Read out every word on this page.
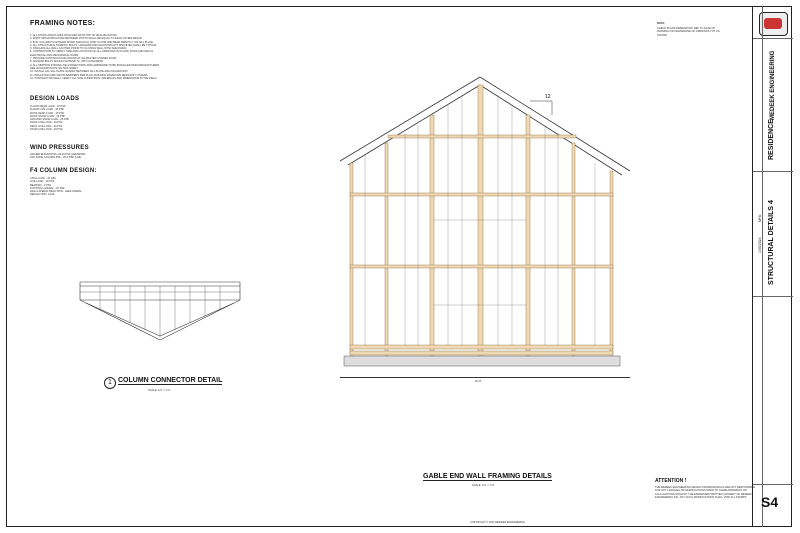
FRAMING NOTES:
1. ALL STUDS AND PLATES ATTACHED WITH TOP OF WALL BLOCKING
2. FIRST OBTAIN BLOCKING BETWEEN POSTS SHALL BE EQUAL TO EACH OTHER ABOVE
3. FOIL COLUMN TO EXTEND DOWN THROUGH JOIST FLOOR AND BEAR DIRECTLY ON SILL PLATE
4. ALL STRUCTURAL SCREWS, BOLTS, HANGERS AND HOLDOWN NOT SPECIFIED SHALL BE TYPICAL
5. INSULATE ALL WALL CAVITIES PRIOR TO CLOSING WALL WITH SHEATHING
6. CONTRACTOR TO VERIFY SIZE AND LOCATION OF ALL OPENINGS IN FLOOR, ROOF AND WALLS
ELECTRICAL AND MECHANICAL WORK
7. PROVIDE CONTINUOUS BLOCKING AT ALL BOLTED CONNECTIONS
8. ANCHOR BOLTS SHOULD EXTEND 7in. INTO CONCRETE
9. ALL SIMPSON STRONG-TIE CONNECTORS AND HARDWARE TO BE INSTALLED PER MANUFACTURER
SEE HOLDOWN NOTE ON THIS SHEET
10. INSTALL ALL SILL PLATE GASKET BETWEEN SILL PLATE AND FOUNDATION
11. INSULATION AND VAPOR BARRIERS PER PLAN, BUILDING ENVELOPE DESIGN BY OTHERS
12. CONTRACTOR SHALL VERIFY ALL SITE CONDITIONS, MATERIALS AND DIMENSIONS IN THE FIELD
DESIGN LOADS
FLOOR DEAD LOAD - 15 PSF
FLOOR LIVE LOAD - 40 PSF
ROOF DEAD LOAD - 15 PSF
ROOF SNOW LOAD - 25 PSF
GROUND SNOW LOAD - 25 PSF
ROOF LIVE LOAD - 20 PSF
DECK LIVE LOAD - 40 PSF
STAIR LIVE LOAD - 40 PSF
WIND PRESSURES
HIGHER ELEVATIONS: 20.00 PSF (LEE/WIND)
SFC ZONE COLUMN PSF - 20.0 PSF (LEE)
F4 COLUMN DESIGN:
AXIAL LOAD - 10 LBS
LIVE LOAD - 10 PSF
BEARING - 2 PSF
FOOTING LATERAL - 15 PSF
HIGH LATERAL REACTION - LEE/LATERAL
DEFLECTION: L/240
1 COLUMN CONNECTOR DETAIL
SCALE: 1/2" = 1'-0"
12
20'-8"
GABLE END WALL FRAMING DETAILS
SCALE: 1/4" = 1'-0"
NOTE:
CHECK PLANS DIMENSIONS. REF TO FACE OF
FRAMING OR CENTERLINE OF OPENINGS TYP. AS
SHOWN
ATTENTION !
THE MEDEEK ENGINEERING DESIGN PROFESSIONALS ARE NOT RESPONSIBLE
FOR ANY CHANGES OR MODIFICATIONS MADE TO THESE DRAWINGS OR
CALCULATIONS WITHOUT THE EXPRESSED WRITTEN CONSENT OF MEDEEK
ENGINEERING INC. ANY SUCH MODIFICATIONS SHALL VOID ALL STAMPS.
COPYRIGHT © 2024 MEDEEK ENGINEERING
MEDEEK ENGINEERING
RESIDENCE
STRUCTURAL DETAILS 4
NPU
1/30/2024
S4
